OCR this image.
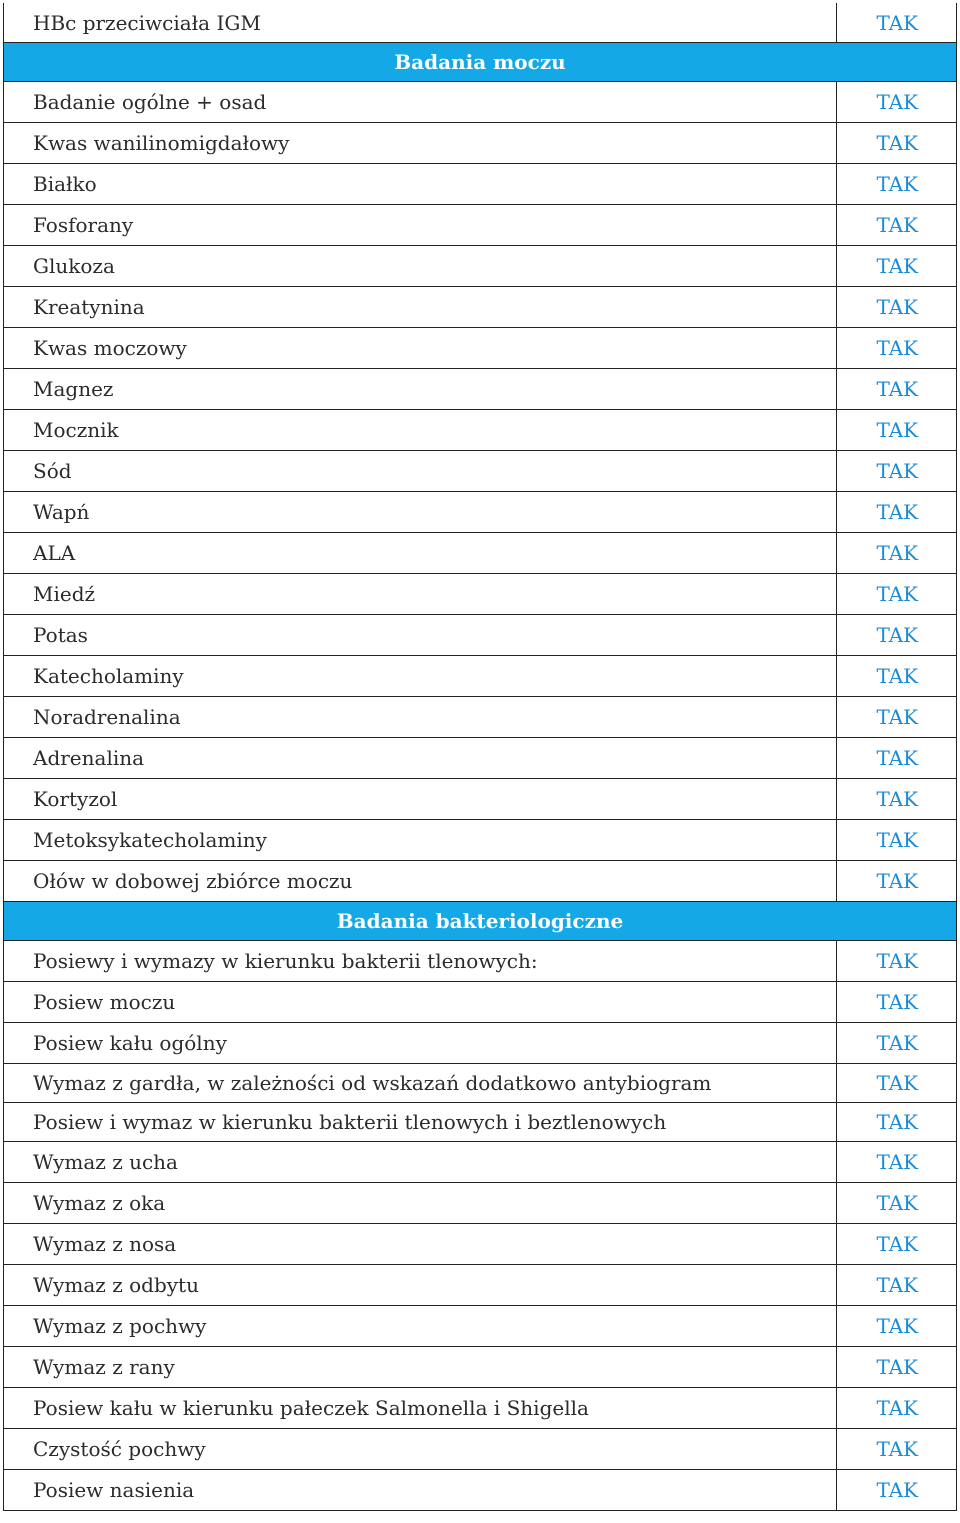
HBc przeciwciała IGM	TAK
Badania moczu	
Badanie ogólne + osad	TAK
Kwas wanilinomigdałowy	TAK
Białko	TAK
Fosforany	TAK
Glukoza	TAK
Kreatynina	TAK
Kwas moczowy	TAK
Magnez	TAK
Mocznik	TAK
Sód	TAK
Wapń	TAK
ALA	TAK
Miedź	TAK
Potas	TAK
Katecholaminy	TAK
Noradrenalina	TAK
Adrenalina	TAK
Kortyzol	TAK
Metoksykatecholaminy	TAK
Ołów w dobowej zbiórce moczu	TAK
Badania bakteriologiczne	
Posiewy i wymazy w kierunku bakterii tlenowych:	TAK
Posiew moczu	TAK
Posiew kału ogólny	TAK
Wymaz z gardła, w zależności od wskazań dodatkowo antybiogram	TAK
Posiew i wymaz w kierunku bakterii tlenowych i beztlenowych	TAK
Wymaz z ucha	TAK
Wymaz z oka	TAK
Wymaz z nosa	TAK
Wymaz z odbytu	TAK
Wymaz z pochwy	TAK
Wymaz z rany	TAK
Posiew kału w kierunku pałeczek Salmonella i Shigella	TAK
Czystość pochwy	TAK
Posiew nasienia	TAK
